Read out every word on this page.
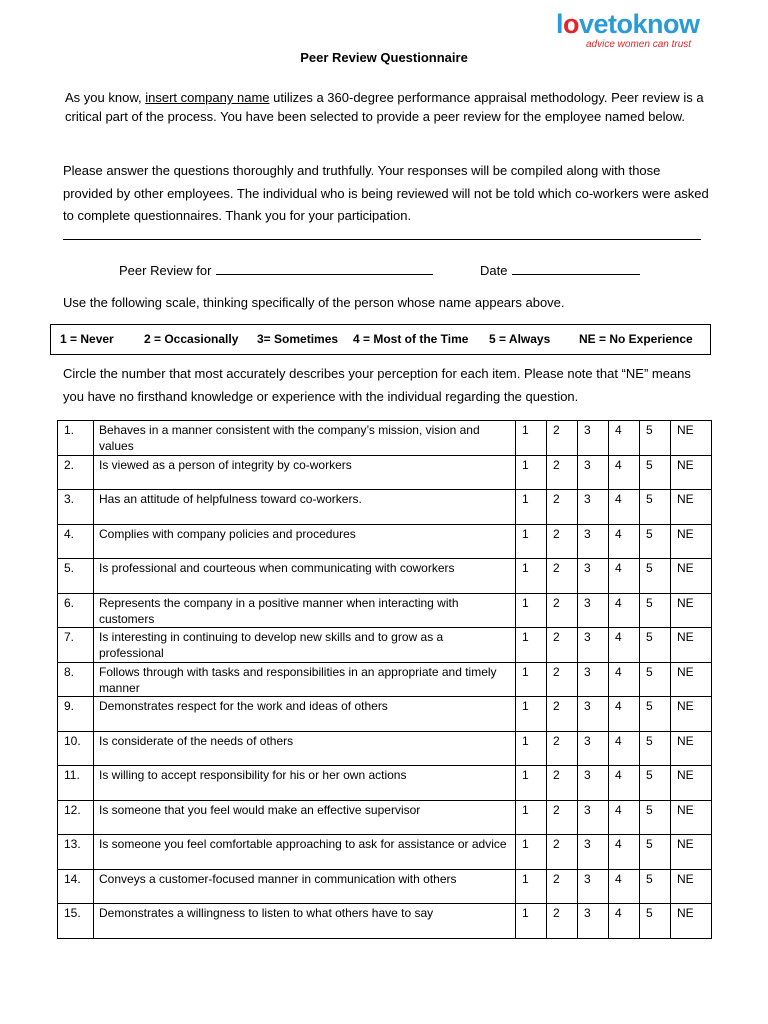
lovetoknow
advice women can trust
Peer Review Questionnaire
As you know, insert company name utilizes a 360-degree performance appraisal methodology. Peer review is a critical part of the process. You have been selected to provide a peer review for the employee named below.
Please answer the questions thoroughly and truthfully. Your responses will be compiled along with those provided by other employees. The individual who is being reviewed will not be told which co-workers were asked to complete questionnaires. Thank you for your participation.
Peer Review for	Date
Use the following scale, thinking specifically of the person whose name appears above.
1 = Never	2 = Occasionally 3= Sometimes 4 = Most of the Time 5 = Always NE = No Experience
Circle the number that most accurately describes your perception for each item. Please note that “NE” means you have no firsthand knowledge or experience with the individual regarding the question.
1.	Behaves in a manner consistent with the company’s mission, vision and values	1	2	3	4	5	NE
2.	Is viewed as a person of integrity by co-workers	1	2	3	4	5	NE
3.	Has an attitude of helpfulness toward co-workers.	1	2	3	4	5	NE
4.	Complies with company policies and procedures	1	2	3	4	5	NE
5.	Is professional and courteous when communicating with coworkers	1	2	3	4	5	NE
6.	Represents the company in a positive manner when interacting with customers	1	2	3	4	5	NE
7.	Is interesting in continuing to develop new skills and to grow as a professional	1	2	3	4	5	NE
8.	Follows through with tasks and responsibilities in an appropriate and timely manner	1	2	3	4	5	NE
9.	Demonstrates respect for the work and ideas of others	1	2	3	4	5	NE
10.	Is considerate of the needs of others	1	2	3	4	5	NE
11.	Is willing to accept responsibility for his or her own actions	1	2	3	4	5	NE
12.	Is someone that you feel would make an effective supervisor	1	2	3	4	5	NE
13.	Is someone you feel comfortable approaching to ask for assistance or advice	1	2	3	4	5	NE
14.	Conveys a customer-focused manner in communication with others	1	2	3	4	5	NE
15.	Demonstrates a willingness to listen to what others have to say	1	2	3	4	5	NE
